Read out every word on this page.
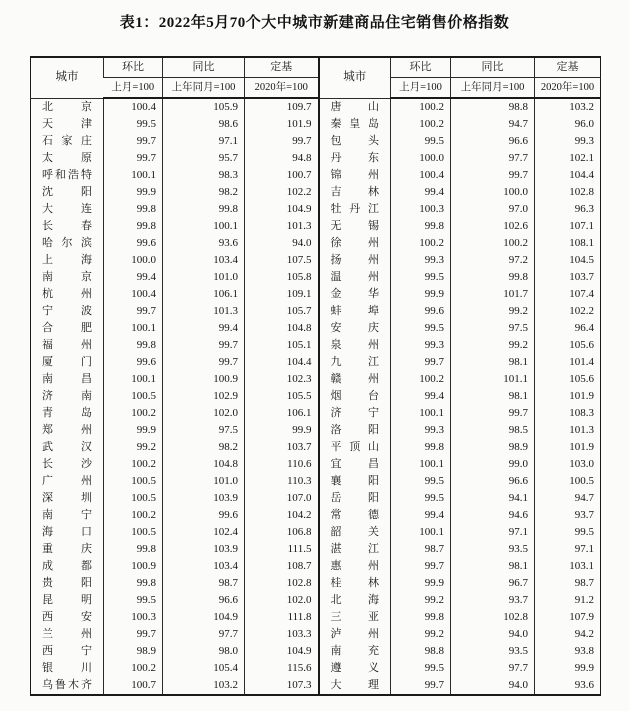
表1：2022年5月70个大中城市新建商品住宅销售价格指数
城市	环比	同比	定基	城市	环比	同比	定基
	上月=100	上年同月=100	2020年=100		上月=100	上年同月=100	2020年=100

北 京	100.4	105.9	109.7	唐 山	100.2	98.8	103.2

天 津	99.5	98.6	101.9	秦 皇 岛	100.2	94.7	96.0

石 家 庄	99.7	97.1	99.7	包 头	99.5	96.6	99.3

太 原	99.7	95.7	94.8	丹 东	100.0	97.7	102.1

呼 和 浩 特	100.1	98.3	100.7	锦 州	100.4	99.7	104.4

沈 阳	99.9	98.2	102.2	吉 林	99.4	100.0	102.8

大 连	99.8	99.8	104.9	牡 丹 江	100.3	97.0	96.3

长 春	99.8	100.1	101.3	无 锡	99.8	102.6	107.1

哈 尔 滨	99.6	93.6	94.0	徐 州	100.2	100.2	108.1

上 海	100.0	103.4	107.5	扬 州	99.3	97.2	104.5

南 京	99.4	101.0	105.8	温 州	99.5	99.8	103.7

杭 州	100.4	106.1	109.1	金 华	99.9	101.7	107.4

宁 波	99.7	101.3	105.7	蚌 埠	99.6	99.2	102.2

合 肥	100.1	99.4	104.8	安 庆	99.5	97.5	96.4

福 州	99.8	99.7	105.1	泉 州	99.3	99.2	105.6

厦 门	99.6	99.7	104.4	九 江	99.7	98.1	101.4

南 昌	100.1	100.9	102.3	赣 州	100.2	101.1	105.6

济 南	100.5	102.9	105.5	烟 台	99.4	98.1	101.9

青 岛	100.2	102.0	106.1	济 宁	100.1	99.7	108.3

郑 州	99.9	97.5	99.9	洛 阳	99.3	98.5	101.3

武 汉	99.2	98.2	103.7	平 顶 山	99.8	98.9	101.9

长 沙	100.2	104.8	110.6	宜 昌	100.1	99.0	103.0

广 州	100.5	101.0	110.3	襄 阳	99.5	96.6	100.5

深 圳	100.5	103.9	107.0	岳 阳	99.5	94.1	94.7

南 宁	100.2	99.6	104.2	常 德	99.4	94.6	93.7

海 口	100.5	102.4	106.8	韶 关	100.1	97.1	99.5

重 庆	99.8	103.9	111.5	湛 江	98.7	93.5	97.1

成 都	100.9	103.4	108.7	惠 州	99.7	98.1	103.1

贵 阳	99.8	98.7	102.8	桂 林	99.9	96.7	98.7

昆 明	99.5	96.6	102.0	北 海	99.2	93.7	91.2

西 安	100.3	104.9	111.8	三 亚	99.8	102.8	107.9

兰 州	99.7	97.7	103.3	泸 州	99.2	94.0	94.2

西 宁	98.9	98.0	104.9	南 充	98.8	93.5	93.8

银 川	100.2	105.4	115.6	遵 义	99.5	97.7	99.9

乌 鲁 木 齐	100.7	103.2	107.3	大 理	99.7	94.0	93.6
